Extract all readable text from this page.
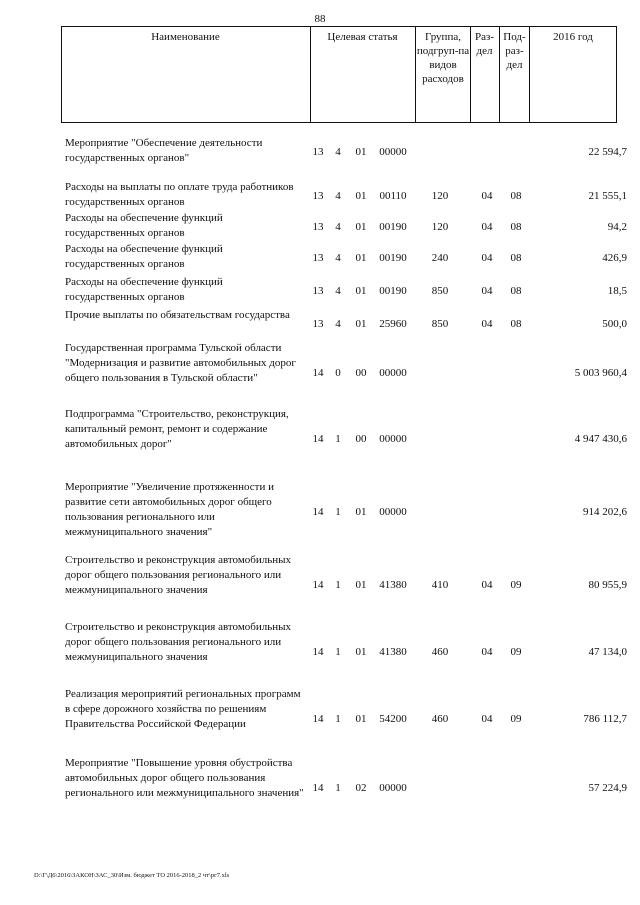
88
Наименование	Целевая статья	Группа, подгруп-па видов расходов
Раз-дел
Под-раз-дел
2016 год
Мероприятие "Обеспечение деятельности государственных органов"	13 4 01 00000	22 594,7
Расходы на выплаты по оплате труда работников государственных органов	13 4 01	00110	120	04	08	21 555,1
Расходы на обеспечение функций государственных органов	13 4 01 00190	120	04	08	94,2
Расходы на обеспечение функций государственных органов	13 4 01 00190	240	04	08	426,9
Расходы на обеспечение функций государственных органов	13 4 01 00190	850	04	08	18,5
Прочие выплаты по обязательствам государства
13 4 01 25960	850	04	08	500,0
Государственная программа Тульской области "Модернизация и развитие автомобильных дорог общего пользования в Тульской области"	14 0 00 00000	5 003 960,4
Подпрограмма "Строительство, реконструкция, капитальный ремонт, ремонт и содержание автомобильных дорог"	14 1 00 00000	4 947 430,6
Мероприятие "Увеличение протяженности и развитие сети автомобильных дорог общего пользования регионального или межмуниципального значения"
14 1 01 00000	914 202,6
Строительство и реконструкция автомобильных дорог общего пользования регионального или межмуниципального значения	14 1 01 41380	410	04	09	80 955,9
Строительство и реконструкция автомобильных дорог общего пользования регионального или межмуниципального значения	14 1 01 41380	460	04	09	47 134,0
Реализация мероприятий региональных программ в сфере дорожного хозяйства по решениям Правительства Российской Федерации	14 1 01 54200	460	04	09	786 112,7
Мероприятие "Повышение уровня обустройства автомобильных дорог общего пользования регионального или межмуниципального значения" 14 1 02 00000	57 224,9
D:\Г\Д6\2016\ЗАКОН\ЗАС_30\Изм. бюджет ТО 2016-2018_2 чт\рг7.xls
